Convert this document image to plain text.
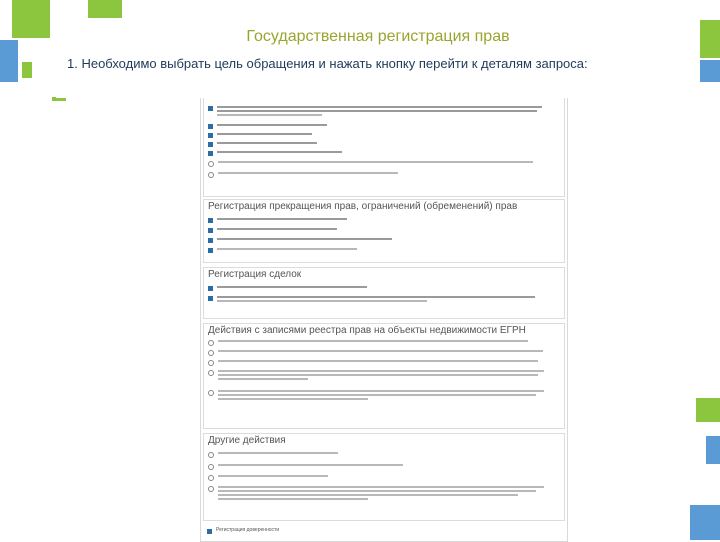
Регистрация прекращения прав, ограничений (обременений) прав
Регистрация сделок
Действия с записями реестра прав на объекты недвижимости ЕГРН
Другие действия
Регистрация доверенности
Государственная регистрация прав
1. Необходимо выбрать цель обращения и нажать кнопку перейти к деталям запроса:
